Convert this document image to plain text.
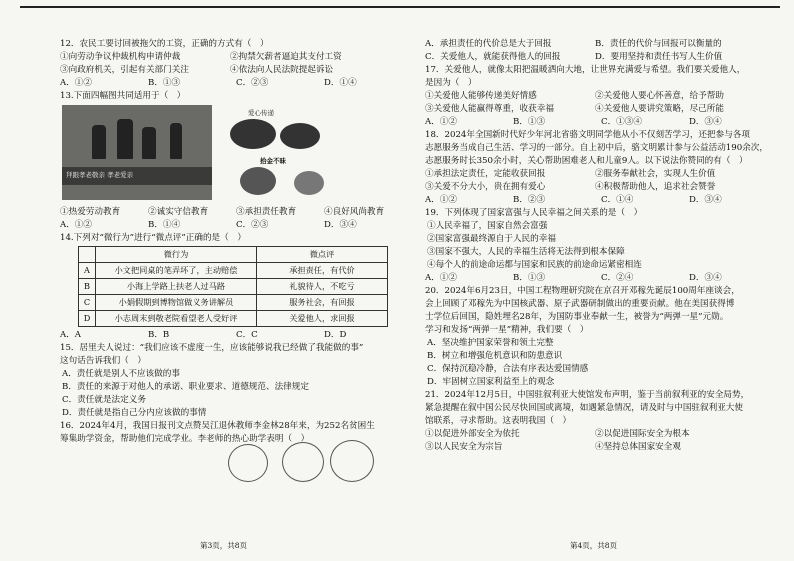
12．农民工要讨回被拖欠的工资，正确的方式有（　）

①向劳动争议仲裁机构申请仲裁	②拘禁欠薪者逼迫其支付工资
③向政府机关，引起有关部门关注	④依法向人民法院提起诉讼
A．①②	B．①③	C．②③	D．①④

13.下面四幅图共同适用于（　）

拜跟孝老敬亲 孝老爱亲
爱心传递
拾金不昧
①热爱劳动教育	②诚实守信教育	③承担责任教育	④良好风尚教育
A．①②	B．①④	C．②③	D．③④

14.下列对“微行为”进行“微点评”正确的是（　）

	微行为	微点评
A	小文把同桌的笔弄坏了，主动赔偿	承担责任，有代价
B	小海上学路上扶老人过马路	礼貌待人，不吃亏
C	小娟假期到博物馆做义务讲解员	服务社会，有回报
D	小志周末到敬老院看望老人受好评	关爱他人，求回报
A．A	B．B	C．C	D．D

15．居里夫人说过：“我们应该不虚度一生，应该能够说我已经做了我能做的事”

这句话告诉我们（　）

A．责任就是别人不应该做的事

B．责任的来源于对他人的承诺、职业要求、道德规范、法律规定

C．责任就是法定义务

D．责任就是指自己分内应该做的事情

16．2024年4月，我国日报刊文点赞吴江退休教师李金林28年来，为252名贫困生

筹集助学资金，帮助他们完成学业。李老师的热心助学表明（　）

第3页，共8页
A．承担责任的代价总是大于回报	B．责任的代价与回报可以衡量的
C．关爱他人，就能获得他人的回报	D．要用坚持和责任书写人生价值

17．关爱他人，就像太阳把温暖洒向大地，让世界充满爱与希望。我们要关爱他人，

是因为（　）

①关爱他人能够传递美好情感	②关爱他人要心怀善意，给予帮助
③关爱他人能赢得尊重，收获幸福	④关爱他人要讲究策略，尽己所能
A．①②	B．①③	C．①③④	D．③④

18．2024年全国新时代好少年河北省骆文明同学他从小不仅刻苦学习，还把参与各项

志愿服务当成自己生活、学习的一部分。自上初中后，骆文明累计参与公益活动190余次，

志愿服务时长350余小时，关心帮助困难老人和儿童9人。以下说法你赞同的有（　）

①承担法定责任，定能收获回报	②服务奉献社会，实现人生价值
③关爱不分大小，贵在拥有爱心	④积极帮助他人，追求社会赞誉
A．①②	B．②③	C．①④	D．③④

19．下列体现了国家富强与人民幸福之间关系的是（　）

①人民幸福了，国家自然会富强

②国家富强最终源自于人民的幸福

③国家不强大，人民的幸福生活将无法得到根本保障

④每个人的前途命运都与国家和民族的前途命运紧密相连

A．①②	B．①③	C．②④	D．③④

20．2024年6月23日，中国工程物理研究院在京召开邓稼先诞辰100周年座谈会，

会上回顾了邓稼先为中国核武器、原子武器研制做出的重要贡献。他在美国获得博

士学位后回国，隐姓埋名28年，为国防事业奉献一生，被誉为“两弹一星”元勋。

学习和发扬“两弹一星”精神，我们要（　）

A．坚决维护国家荣誉和领土完整

B．树立和增强危机意识和防患意识

C．保持沉稳冷静，合法有序表达爱国情感

D．牢固树立国家利益至上的观念

21．2024年12月5日，中国驻叙利亚大使馆发布声明，鉴于当前叙利亚的安全局势，

紧急提醒在叙中国公民尽快回国或离境，如遇紧急情况，请及时与中国驻叙利亚大使

馆联系，寻求帮助。这表明我国（　）

①以促进外部安全为依托	②以促进国际安全为根本
③以人民安全为宗旨	④坚持总体国家安全观
第4页，共8页
